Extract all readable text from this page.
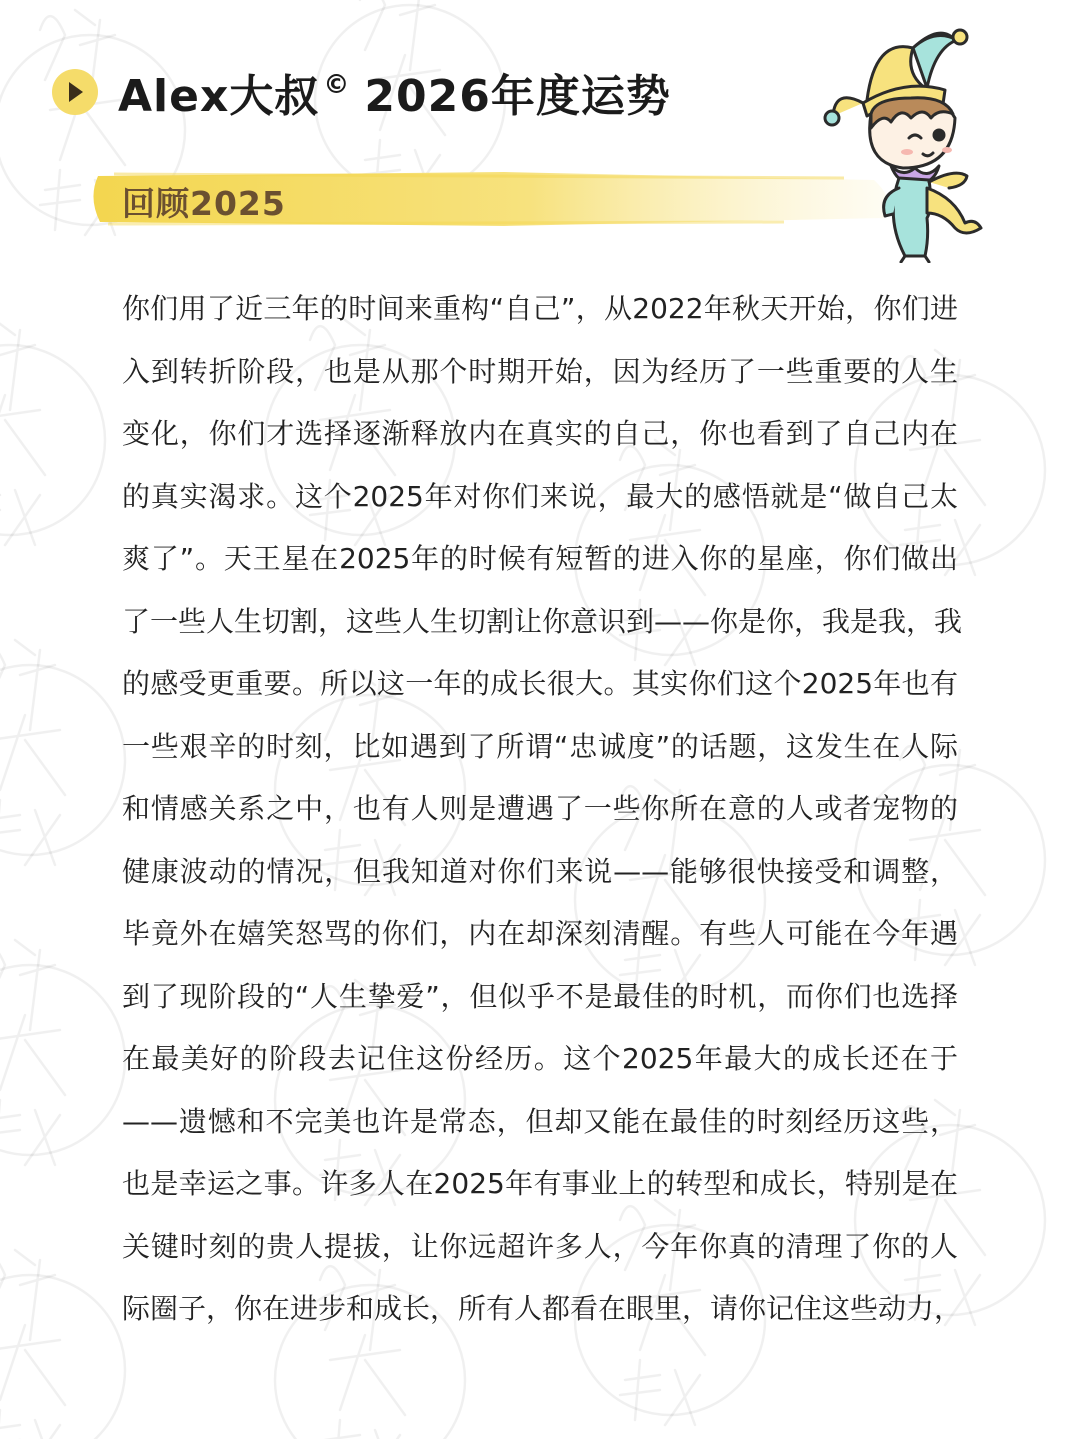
Alex大叔 © 2026年度运势
回顾2025
你们用了近三年的时间来重构“自己”，从2022年秋天开始，你们进
入到转折阶段，也是从那个时期开始，因为经历了一些重要的人生
变化，你们才选择逐渐释放内在真实的自己，你也看到了自己内在
的真实渴求。这个2025年对你们来说，最大的感悟就是“做自己太
爽了”。天王星在2025年的时候有短暂的进入你的星座，你们做出
了一些人生切割，这些人生切割让你意识到——你是你，我是我，我
的感受更重要。所以这一年的成长很大。其实你们这个2025年也有
一些艰辛的时刻，比如遇到了所谓“忠诚度”的话题，这发生在人际
和情感关系之中，也有人则是遭遇了一些你所在意的人或者宠物的
健康波动的情况，但我知道对你们来说——能够很快接受和调整，
毕竟外在嬉笑怒骂的你们，内在却深刻清醒。有些人可能在今年遇
到了现阶段的“人生挚爱”，但似乎不是最佳的时机，而你们也选择
在最美好的阶段去记住这份经历。这个2025年最大的成长还在于
——遗憾和不完美也许是常态，但却又能在最佳的时刻经历这些，
也是幸运之事。许多人在2025年有事业上的转型和成长，特别是在
关键时刻的贵人提拔，让你远超许多人，今年你真的清理了你的人
际圈子，你在进步和成长，所有人都看在眼里，请你记住这些动力，
